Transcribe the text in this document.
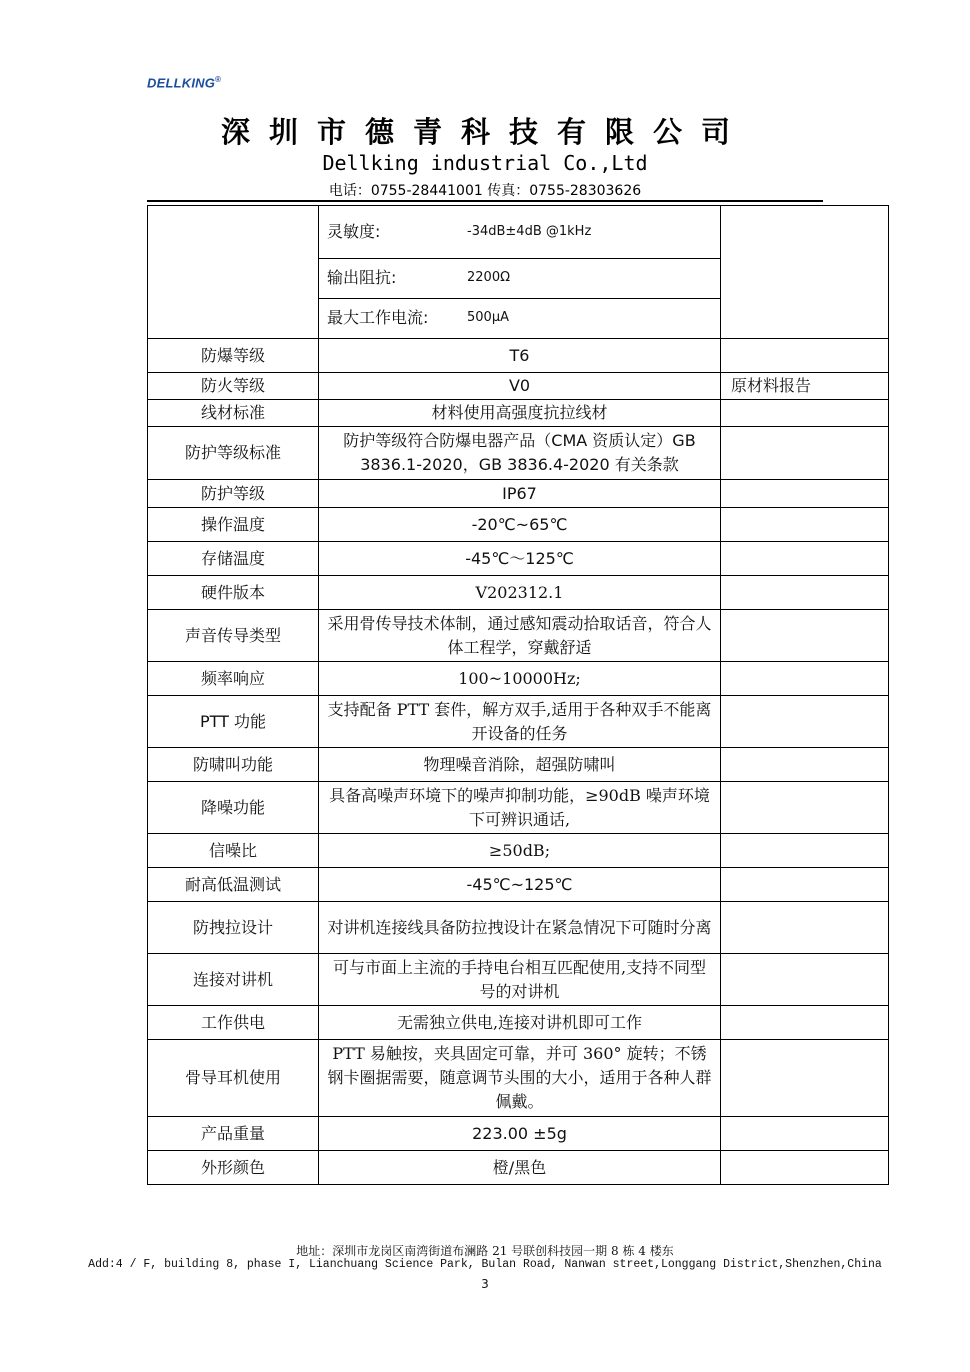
DELLKING®
深圳市德青科技有限公司
Dellking industrial Co.,Ltd
电话：0755-28441001 传真：0755-28303626

灵敏度:	-34dB±4dB @1kHz
输出阻抗:	2200Ω
最大工作电流:	500μA

防爆等级	T6	
防火等级	V0	原材料报告
线材标准	材料使用高强度抗拉线材	
防护等级标准	防护等级符合防爆电器产品（CMA 资质认定）GB 3836.1-2020，GB 3836.4-2020 有关条款	
防护等级	IP67	
操作温度	-20℃~65℃	
存储温度	-45℃～125℃	
硬件版本	V202312.1	
声音传导类型	采用骨传导技术体制，通过感知震动拾取话音，符合人体工程学，穿戴舒适	
频率响应	100~10000Hz;	
PTT 功能	支持配备 PTT 套件，解方双手,适用于各种双手不能离开设备的任务	
防啸叫功能	物理噪音消除，超强防啸叫	
降噪功能	具备高噪声环境下的噪声抑制功能，≥90dB 噪声环境下可辨识通话,	
信噪比	≥50dB;	
耐高低温测试	-45℃~125℃	
防拽拉设计	对讲机连接线具备防拉拽设计在紧急情况下可随时分离	
连接对讲机	可与市面上主流的手持电台相互匹配使用,支持不同型号的对讲机	
工作供电	无需独立供电,连接对讲机即可工作	
骨导耳机使用	PTT 易触按，夹具固定可靠，并可 360° 旋转；不锈钢卡圈据需要，随意调节头围的大小，适用于各种人群佩戴。	
产品重量	223.00 ±5g	
外形颜色	橙/黑色	
地址：深圳市龙岗区南湾街道布澜路 21 号联创科技园一期 8 栋 4 楼东
Add:4 / F, building 8, phase I, Lianchuang Science Park, Bulan Road, Nanwan street,Longgang District,Shenzhen,China
3
